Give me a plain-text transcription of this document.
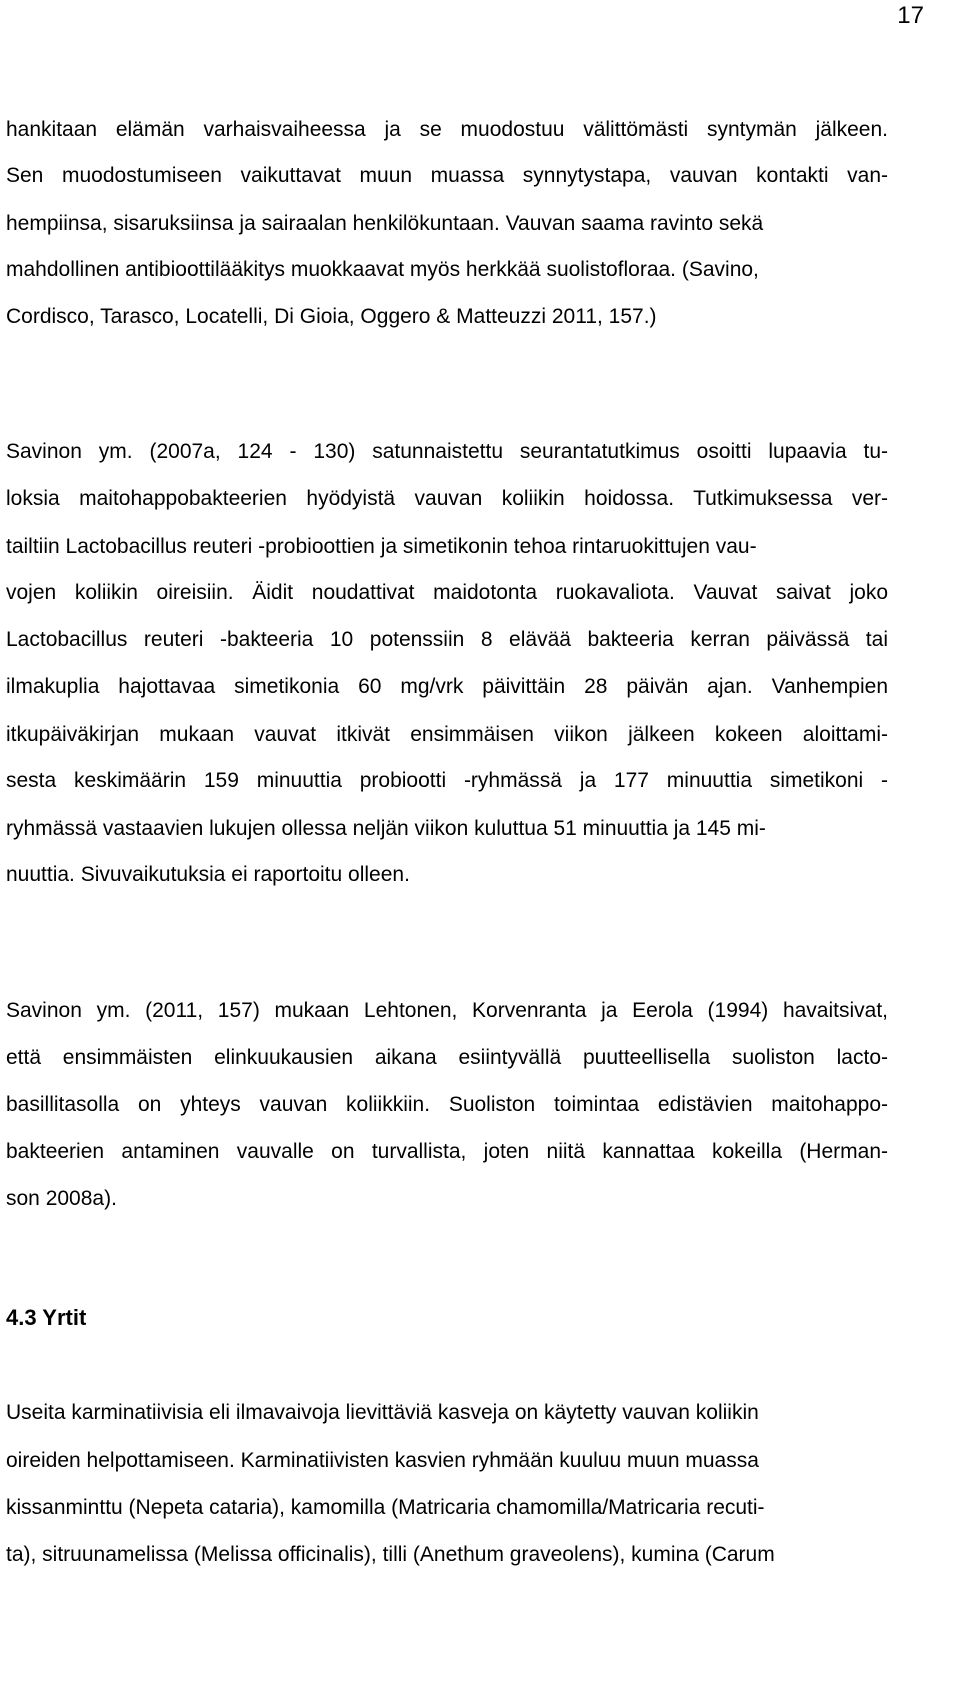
17
hankitaan elämän varhaisvaiheessa ja se muodostuu välittömästi syntymän jälkeen.
Sen muodostumiseen vaikuttavat muun muassa synnytystapa, vauvan kontakti van-
hempiinsa, sisaruksiinsa ja sairaalan henkilökuntaan. Vauvan saama ravinto sekä
mahdollinen antibioottilääkitys muokkaavat myös herkkää suolistofloraa. (Savino,
Cordisco, Tarasco, Locatelli, Di Gioia, Oggero & Matteuzzi 2011, 157.)
Savinon ym. (2007a, 124 - 130) satunnaistettu seurantatutkimus osoitti lupaavia tu-
loksia maitohappobakteerien hyödyistä vauvan koliikin hoidossa. Tutkimuksessa ver-
tailtiin Lactobacillus reuteri -probioottien ja simetikonin tehoa rintaruokittujen vau-
vojen koliikin oireisiin. Äidit noudattivat maidotonta ruokavaliota. Vauvat saivat joko
Lactobacillus reuteri -bakteeria 10 potenssiin 8 elävää bakteeria kerran päivässä tai
ilmakuplia hajottavaa simetikonia 60 mg/vrk päivittäin 28 päivän ajan. Vanhempien
itkupäiväkirjan mukaan vauvat itkivät ensimmäisen viikon jälkeen kokeen aloittami-
sesta keskimäärin 159 minuuttia probiootti -ryhmässä ja 177 minuuttia simetikoni -
ryhmässä vastaavien lukujen ollessa neljän viikon kuluttua 51 minuuttia ja 145 mi-
nuuttia. Sivuvaikutuksia ei raportoitu olleen.
Savinon ym. (2011, 157) mukaan Lehtonen, Korvenranta ja Eerola (1994) havaitsivat,
että ensimmäisten elinkuukausien aikana esiintyvällä puutteellisella suoliston lacto-
basillitasolla on yhteys vauvan koliikkiin. Suoliston toimintaa edistävien maitohappo-
bakteerien antaminen vauvalle on turvallista, joten niitä kannattaa kokeilla (Herman-
son 2008a).
4.3 Yrtit
Useita karminatiivisia eli ilmavaivoja lievittäviä kasveja on käytetty vauvan koliikin
oireiden helpottamiseen. Karminatiivisten kasvien ryhmään kuuluu muun muassa
kissanminttu (Nepeta cataria), kamomilla (Matricaria chamomilla/Matricaria recuti-
ta), sitruunamelissa (Melissa officinalis), tilli (Anethum graveolens), kumina (Carum
